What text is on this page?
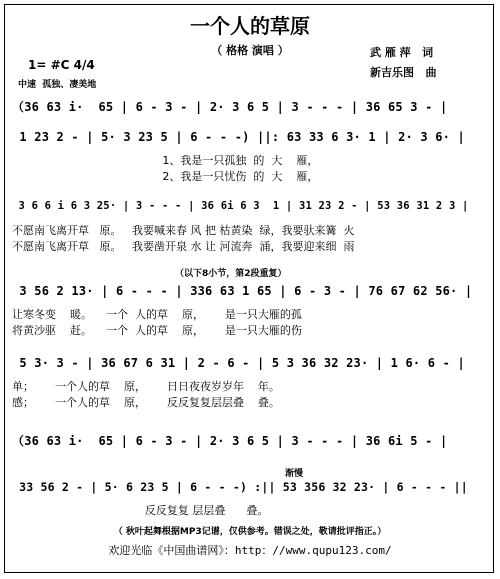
一个人的草原
（ 格格 演唱 ）	武 雁 萍   词
新吉乐图   曲
1= #C 4/4
中速  孤独、凄美地
（36 63 i·  65 | 6 - 3 - | 2· 3 6 5 | 3 - - - | 36 65 3 - |
1 23 2 - | 5· 3 23 5 | 6 - - -) ||: 63 33 6 3· 1 | 2· 3 6· |
1、我是一只孤独  的  大    雁，
2、我是一只忧伤  的  大    雁，
3 6 6 i 6 3 25· | 3 - - - | 36 6i 6 3  1 | 31 23 2 - | 53 36 31 2 3 |
不愿南飞离开草   原。   我要喊来春 风 把 枯黄染  绿，我要驮来篝  火
不愿南飞离开草   原。   我要凿开泉 水 让 河流奔  涌，我要迎来细  雨
（以下8小节，第2段重复）
3 56 2 13· | 6 - - - | 336 63 1 65 | 6 - 3 - | 76 67 62 56· |
让寒冬变    暖。    一个  人的草    原，      是一只大雁的孤
将黄沙驱    赶。    一个  人的草    原，      是一只大雁的伤
5 3· 3 - | 36 67 6 31 | 2 - 6 - | 5 3 36 32 23· | 1 6· 6 - |
单；      一个人的草    原，      日日夜夜岁岁年    年。
感；      一个人的草    原，      反反复复层层叠    叠。
（36 63 i·  65 | 6 - 3 - | 2· 3 6 5 | 3 - - - | 36 6i 5 - |
渐慢
33 56 2 - | 5· 6 23 5 | 6 - - -) :|| 53 356 32 23· | 6 - - - ||
反反复复 层层叠      叠。
（ 秋叶起舞根据MP3记谱，仅供参考。错误之处，敬请批评指正。）
欢迎光临《中国曲谱网》：http：//www.qupu123.com/
